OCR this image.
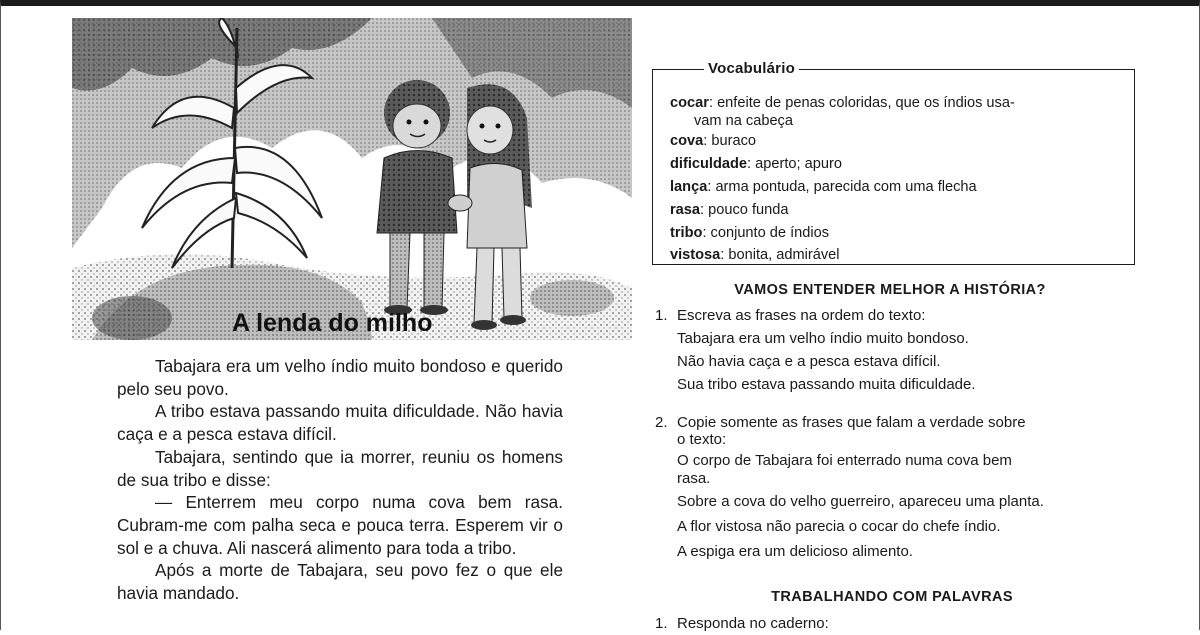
A lenda do milho

Tabajara era um velho índio muito bondoso e querido pelo seu povo.

A tribo estava passando muita dificuldade. Não havia caça e a pesca estava difícil.

Tabajara, sentindo que ia morrer, reuniu os homens de sua tribo e disse:

— Enterrem meu corpo numa cova bem rasa. Cubram-me com palha seca e pouca terra. Esperem vir o sol e a chuva. Ali nascerá alimento para toda a tribo.

Após a morte de Tabajara, seu povo fez o que ele havia mandado.

Vocabulário

cocar: enfeite de penas coloridas, que os índios usa-
vam na cabeça

cova: buraco

dificuldade: aperto; apuro

lança: arma pontuda, parecida com uma flecha

rasa: pouco funda

tribo: conjunto de índios

vistosa: bonita, admirável

VAMOS ENTENDER MELHOR A HISTÓRIA?

1. Escreva as frases na ordem do texto:

Tabajara era um velho índio muito bondoso.

Não havia caça e a pesca estava difícil.

Sua tribo estava passando muita dificuldade.

2. Copie somente as frases que falam a verdade sobre
o texto:

O corpo de Tabajara foi enterrado numa cova bem
rasa.

Sobre a cova do velho guerreiro, apareceu uma planta.

A flor vistosa não parecia o cocar do chefe índio.

A espiga era um delicioso alimento.

TRABALHANDO COM PALAVRAS

1. Responda no caderno:
